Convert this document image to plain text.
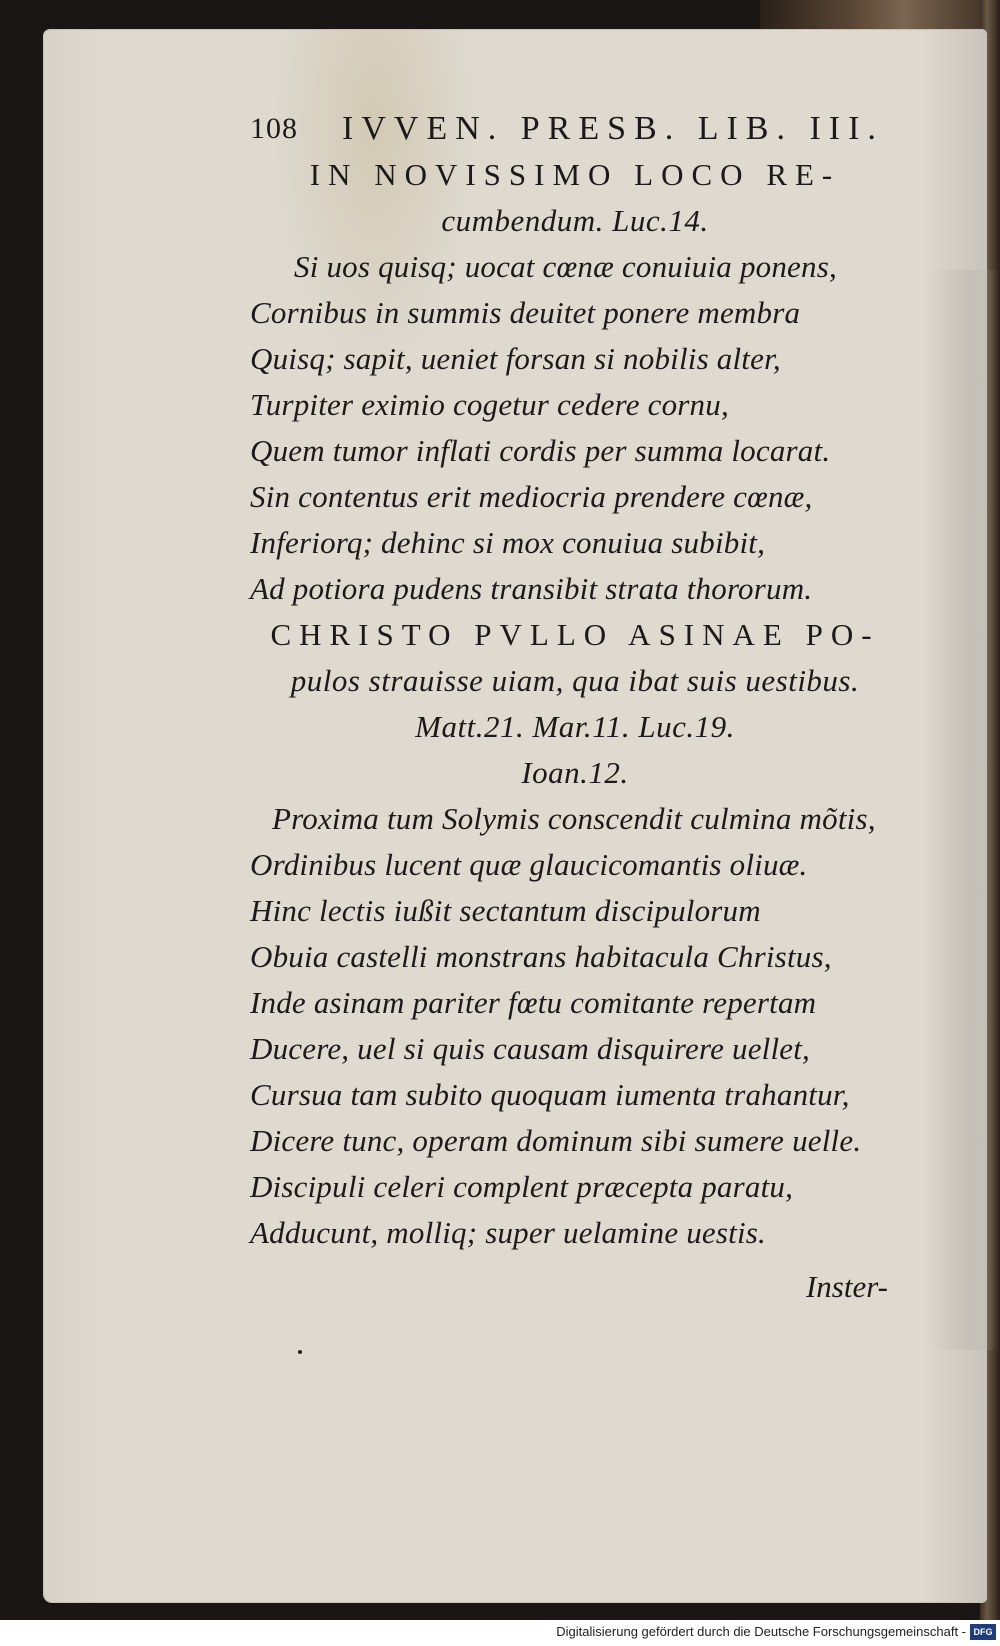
108 IVVEN. PRESB. LIB. III.
IN NOVISSIMO LOCO RE-
cumbendum. Luc.14.
Si uos quisq; uocat cœnæ conuiuia ponens,
Cornibus in summis deuitet ponere membra
Quisq; sapit, ueniet forsan si nobilis alter,
Turpiter eximio cogetur cedere cornu,
Quem tumor inflati cordis per summa locarat.
Sin contentus erit mediocria prendere cœnæ,
Inferiorq; dehinc si mox conuiua subibit,
Ad potiora pudens transibit strata thororum.
CHRISTO PVLLO ASINAE PO-
pulos strauisse uiam, qua ibat suis uestibus.
Matt.21. Mar.11. Luc.19.
Ioan.12.
Proxima tum Solymis conscendit culmina mõtis,
Ordinibus lucent quæ glaucicomantis oliuæ.
Hinc lectis iußit sectantum discipulorum
Obuia castelli monstrans habitacula Christus,
Inde asinam pariter fœtu comitante repertam
Ducere, uel si quis causam disquirere uellet,
Cursua tam subito quoquam iumenta trahantur,
Dicere tunc, operam dominum sibi sumere uelle.
Discipuli celeri complent præcepta paratu,
Adducunt, molliq; super uelamine uestis.
Inster-
Digitalisierung gefördert durch die Deutsche Forschungsgemeinschaft - DFG
